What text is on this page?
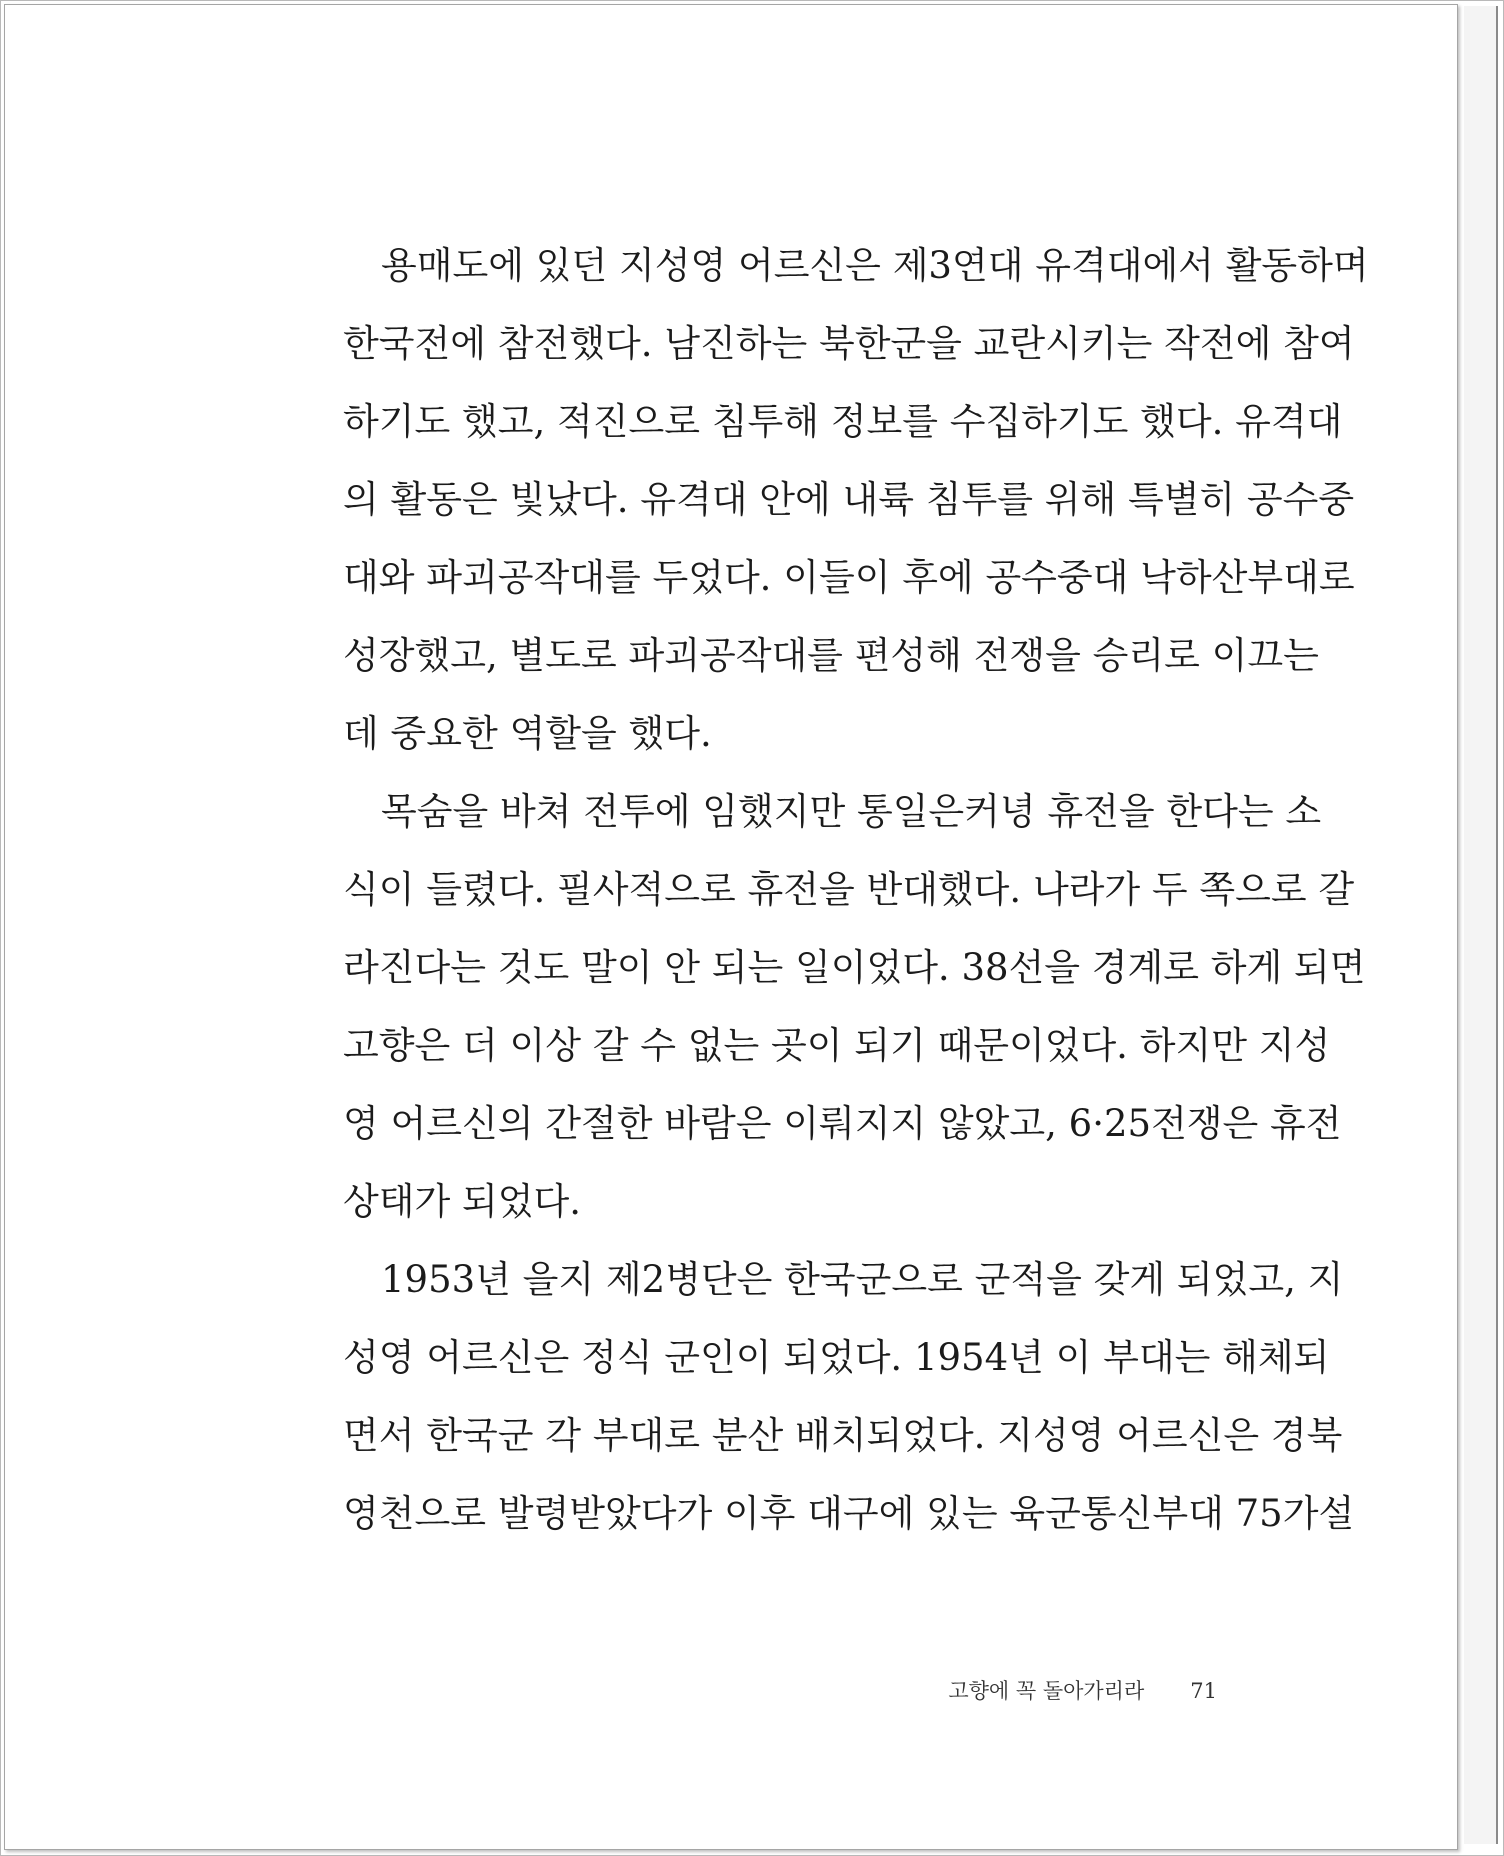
용매도에 있던 지성영 어르신은 제3연대 유격대에서 활동하며
한국전에 참전했다. 남진하는 북한군을 교란시키는 작전에 참여
하기도 했고, 적진으로 침투해 정보를 수집하기도 했다. 유격대
의 활동은 빛났다. 유격대 안에 내륙 침투를 위해 특별히 공수중
대와 파괴공작대를 두었다. 이들이 후에 공수중대 낙하산부대로
성장했고, 별도로 파괴공작대를 편성해 전쟁을 승리로 이끄는
데 중요한 역할을 했다.
목숨을 바쳐 전투에 임했지만 통일은커녕 휴전을 한다는 소
식이 들렸다. 필사적으로 휴전을 반대했다. 나라가 두 쪽으로 갈
라진다는 것도 말이 안 되는 일이었다. 38선을 경계로 하게 되면
고향은 더 이상 갈 수 없는 곳이 되기 때문이었다. 하지만 지성
영 어르신의 간절한 바람은 이뤄지지 않았고, 6·25전쟁은 휴전
상태가 되었다.
1953년 을지 제2병단은 한국군으로 군적을 갖게 되었고, 지
성영 어르신은 정식 군인이 되었다. 1954년 이 부대는 해체되
면서 한국군 각 부대로 분산 배치되었다. 지성영 어르신은 경북
영천으로 발령받았다가 이후 대구에 있는 육군통신부대 75가설
고향에 꼭 돌아가리라 71
